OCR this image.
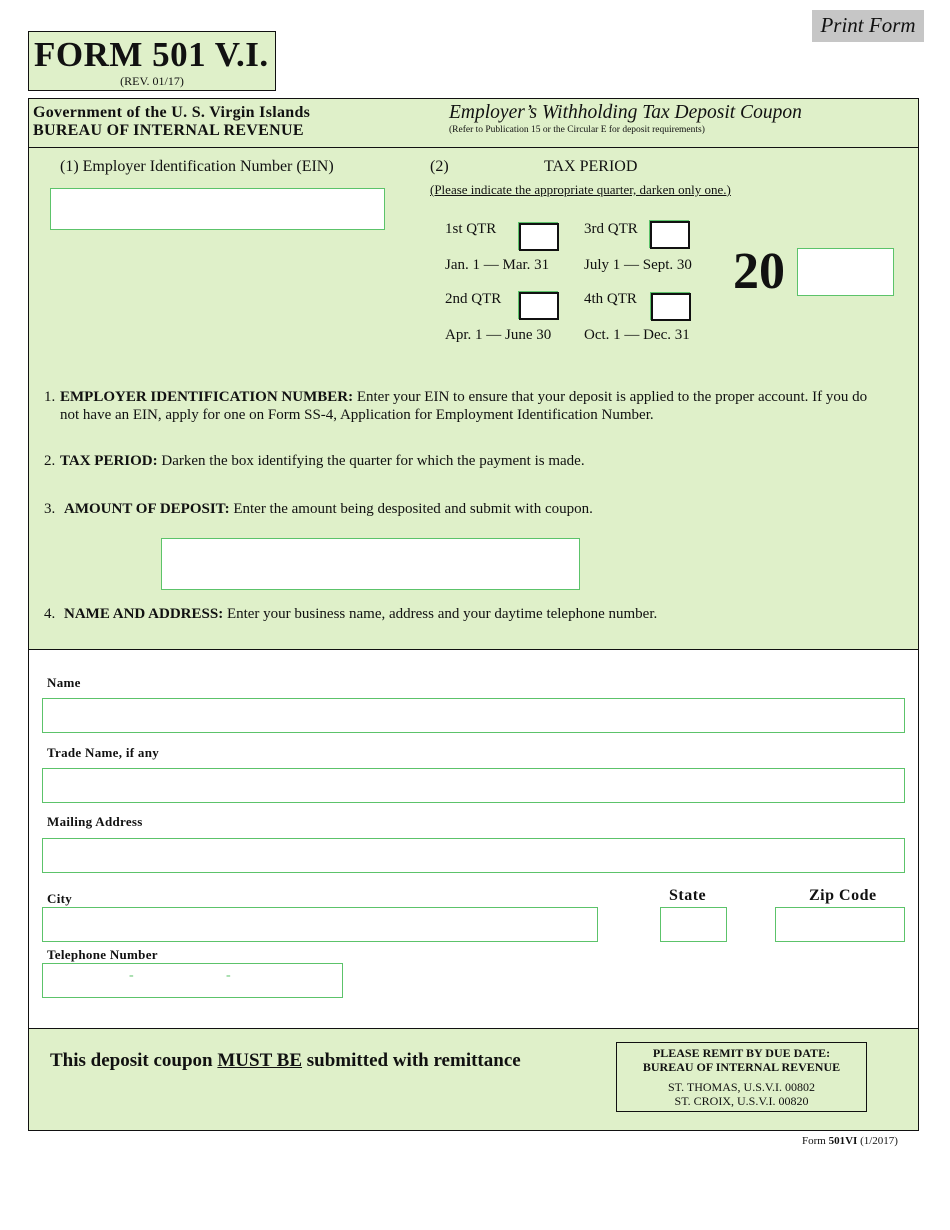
Print Form
FORM 501 V.I.
(REV. 01/17)
Government of the U. S. Virgin Islands
BUREAU OF INTERNAL REVENUE
Employer’s Withholding Tax Deposit Coupon
(Refer to Publication 15 or the Circular E for deposit requirements)
(1) Employer Identification Number (EIN)	(2)	TAX PERIOD
(Please indicate the appropriate quarter, darken only one.)
1st QTR
Jan. 1 — Mar. 31
3rd QTR
July 1 — Sept. 30
2nd QTR
Apr. 1 — June 30
4th QTR
Oct. 1 — Dec. 31
20
1. EMPLOYER IDENTIFICATION NUMBER: Enter your EIN to ensure that your deposit is applied to the proper account. If you do
not have an EIN, apply for one on Form SS-4, Application for Employment Identification Number.
2. TAX PERIOD: Darken the box identifying the quarter for which the payment is made.
3. AMOUNT OF DEPOSIT: Enter the amount being desposited and submit with coupon.
4. NAME AND ADDRESS: Enter your business name, address and your daytime telephone number.
Name
Trade Name, if any
Mailing Address
City	State	Zip Code
Telephone Number
-	-
This deposit coupon MUST BE submitted with remittance	PLEASE REMIT BY DUE DATE:
BUREAU OF INTERNAL REVENUE
ST. THOMAS, U.S.V.I. 00802
ST. CROIX, U.S.V.I. 00820
Form 501VI (1/2017)
